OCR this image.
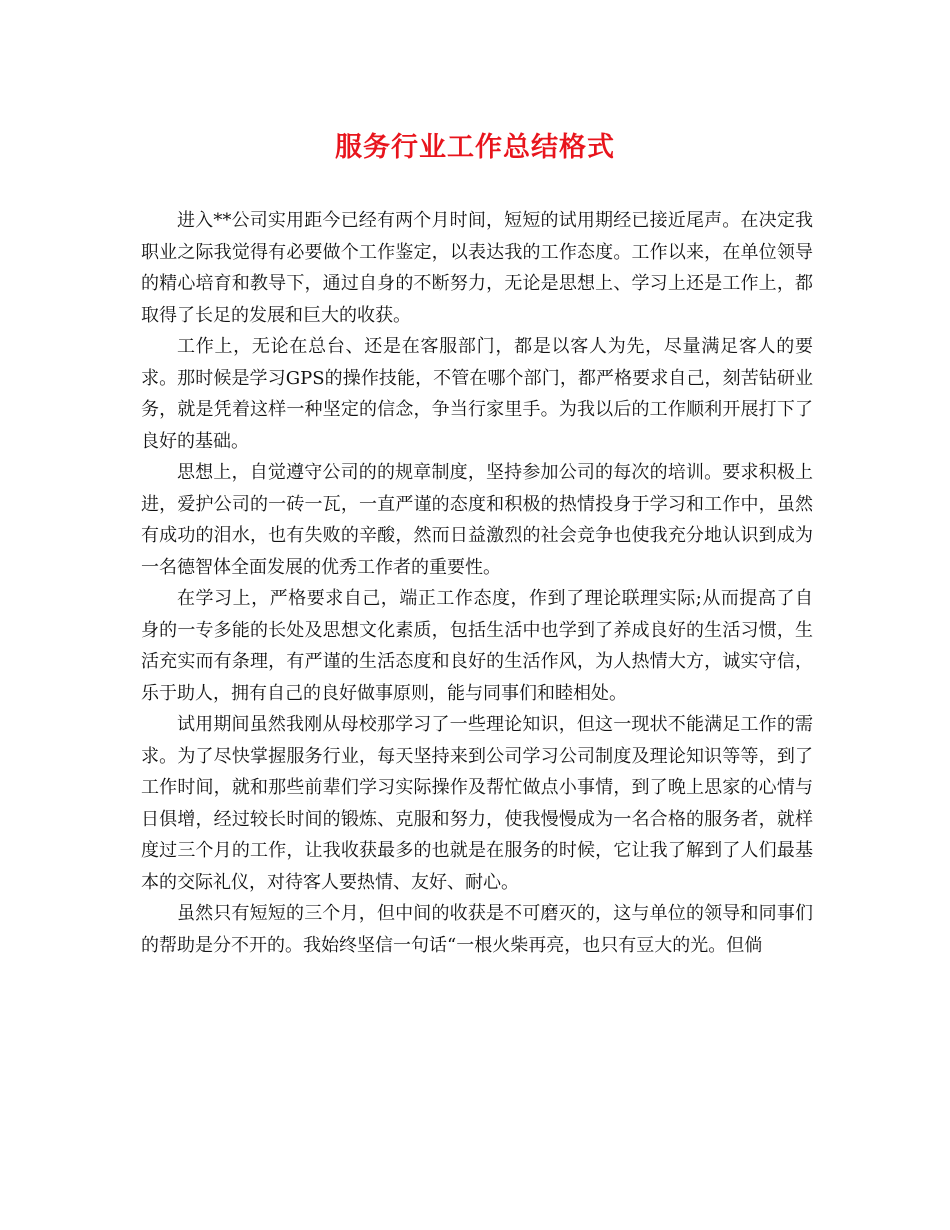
服务行业工作总结格式

进入**公司实用距今已经有两个月时间，短短的试用期经已接近尾声。在决定我职业之际我觉得有必要做个工作鉴定，以表达我的工作态度。工作以来，在单位领导的精心培育和教导下，通过自身的不断努力，无论是思想上、学习上还是工作上，都取得了长足的发展和巨大的收获。

工作上，无论在总台、还是在客服部门，都是以客人为先，尽量满足客人的要求。那时候是学习GPS的操作技能，不管在哪个部门，都严格要求自己，刻苦钻研业务，就是凭着这样一种坚定的信念，争当行家里手。为我以后的工作顺利开展打下了良好的基础。

思想上，自觉遵守公司的的规章制度，坚持参加公司的每次的培训。要求积极上进，爱护公司的一砖一瓦，一直严谨的态度和积极的热情投身于学习和工作中，虽然有成功的泪水，也有失败的辛酸，然而日益激烈的社会竞争也使我充分地认识到成为一名德智体全面发展的优秀工作者的重要性。

在学习上，严格要求自己，端正工作态度，作到了理论联理实际;从而提高了自身的一专多能的长处及思想文化素质，包括生活中也学到了养成良好的生活习惯，生活充实而有条理，有严谨的生活态度和良好的生活作风，为人热情大方，诚实守信，乐于助人，拥有自己的良好做事原则，能与同事们和睦相处。

试用期间虽然我刚从母校那学习了一些理论知识，但这一现状不能满足工作的需求。为了尽快掌握服务行业，每天坚持来到公司学习公司制度及理论知识等等，到了工作时间，就和那些前辈们学习实际操作及帮忙做点小事情，到了晚上思家的心情与日俱增，经过较长时间的锻炼、克服和努力，使我慢慢成为一名合格的服务者，就样度过三个月的工作，让我收获最多的也就是在服务的时候，它让我了解到了人们最基本的交际礼仪，对待客人要热情、友好、耐心。

虽然只有短短的三个月，但中间的收获是不可磨灭的，这与单位的领导和同事们的帮助是分不开的。我始终坚信一句话“一根火柴再亮，也只有豆大的光。但倘
